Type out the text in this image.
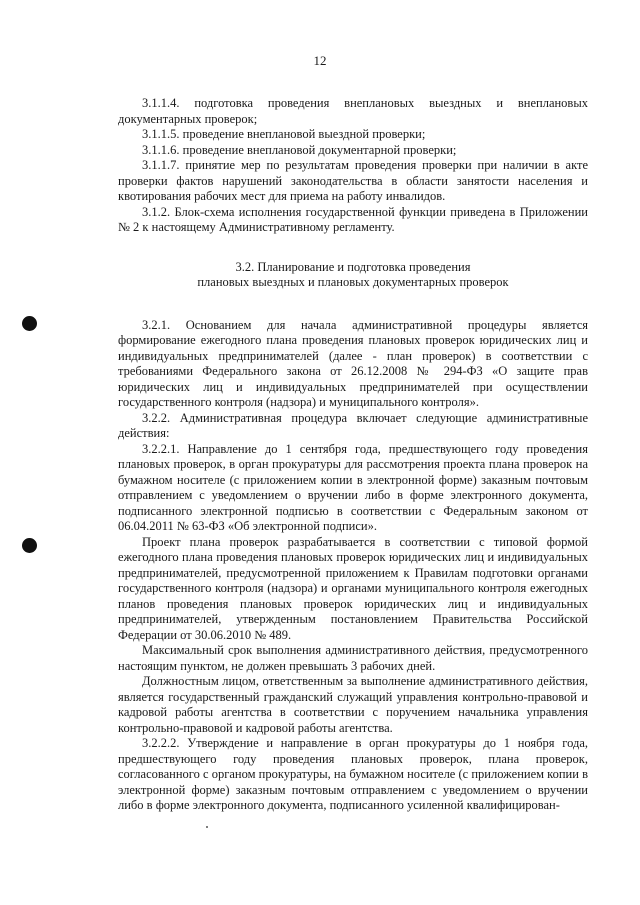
12

3.1.1.4. подготовка проведения внеплановых выездных и внеплановых документарных проверок;

3.1.1.5. проведение внеплановой выездной проверки;

3.1.1.6. проведение внеплановой документарной проверки;

3.1.1.7. принятие мер по результатам проведения проверки при наличии в акте проверки фактов нарушений законодательства в области занятости населения и квотирования рабочих мест для приема на работу инвалидов.

3.1.2. Блок-схема исполнения государственной функции приведена в Приложении № 2 к настоящему Административному регламенту.

3.2. Планирование и подготовка проведения
плановых выездных и плановых документарных проверок

3.2.1. Основанием для начала административной процедуры является формирование ежегодного плана проведения плановых проверок юридических лиц и индивидуальных предпринимателей (далее - план проверок) в соответствии с требованиями Федерального закона от 26.12.2008 № 294-ФЗ «О защите прав юридических лиц и индивидуальных предпринимателей при осуществлении государственного контроля (надзора) и муниципального контроля».

3.2.2. Административная процедура включает следующие административные действия:

3.2.2.1. Направление до 1 сентября года, предшествующего году проведения плановых проверок, в орган прокуратуры для рассмотрения проекта плана проверок на бумажном носителе (с приложением копии в электронной форме) заказным почтовым отправлением с уведомлением о вручении либо в форме электронного документа, подписанного электронной подписью в соответствии с Федеральным законом от 06.04.2011 № 63-ФЗ «Об электронной подписи».

Проект плана проверок разрабатывается в соответствии с типовой формой ежегодного плана проведения плановых проверок юридических лиц и индивидуальных предпринимателей, предусмотренной приложением к Правилам подготовки органами государственного контроля (надзора) и органами муниципального контроля ежегодных планов проведения плановых проверок юридических лиц и индивидуальных предпринимателей, утвержденным постановлением Правительства Российской Федерации от 30.06.2010 № 489.

Максимальный срок выполнения административного действия, предусмотренного настоящим пунктом, не должен превышать 3 рабочих дней.

Должностным лицом, ответственным за выполнение административного действия, является государственный гражданский служащий управления контрольно-правовой и кадровой работы агентства в соответствии с поручением начальника управления контрольно-правовой и кадровой работы агентства.

3.2.2.2. Утверждение и направление в орган прокуратуры до 1 ноября года, предшествующего году проведения плановых проверок, плана проверок, согласованного с органом прокуратуры, на бумажном носителе (с приложением копии в электронной форме) заказным почтовым отправлением с уведомлением о вручении либо в форме электронного документа, подписанного усиленной квалифицирован-
